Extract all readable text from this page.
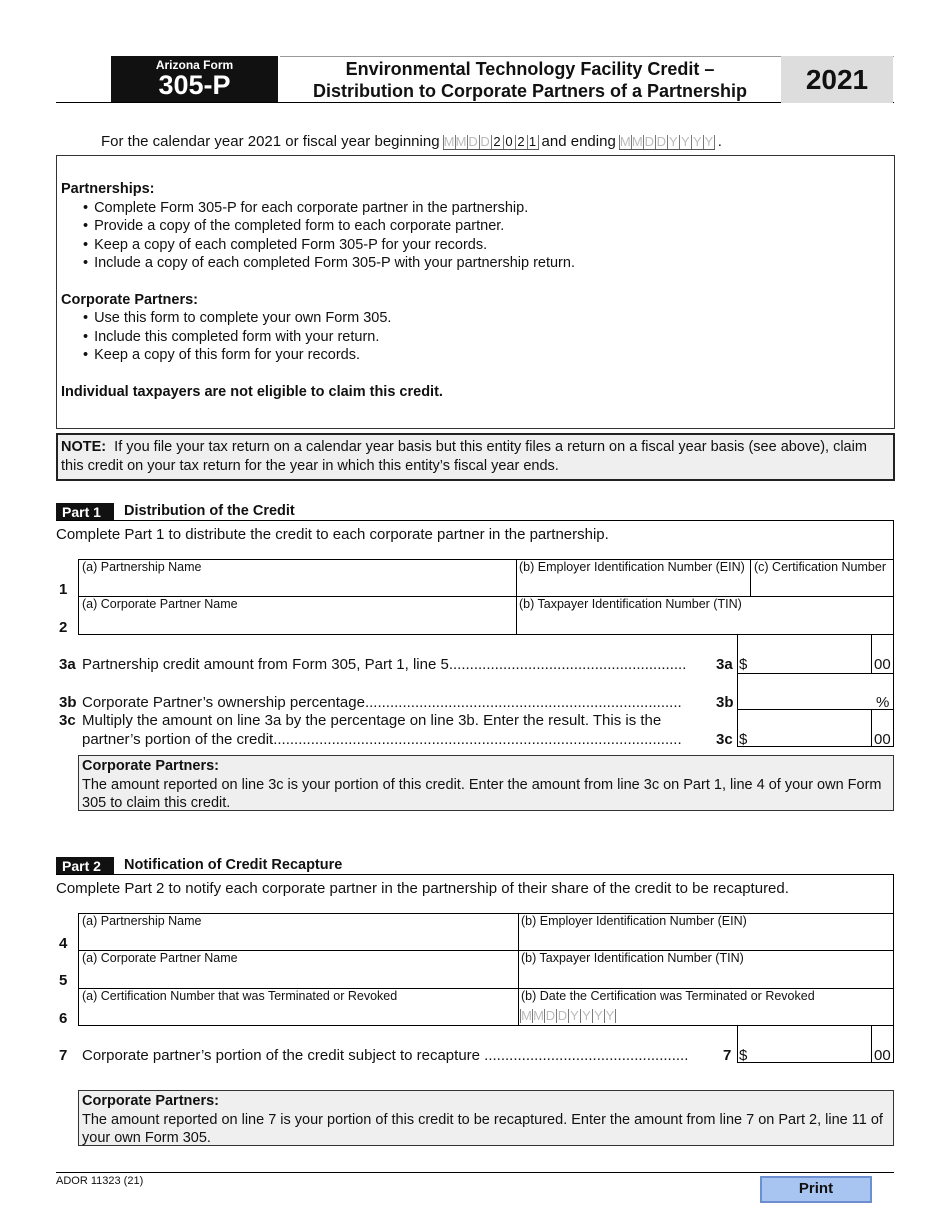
Arizona Form
305-P
Environmental Technology Facility Credit –
Distribution to Corporate Partners of a Partnership	2021
For the calendar year 2021 or fiscal year beginning M M D D 2 0 2 1 and ending M M D D Y Y Y Y .
Partnerships:
• Complete Form 305-P for each corporate partner in the partnership.
• Provide a copy of the completed form to each corporate partner.
• Keep a copy of each completed Form 305-P for your records.
• Include a copy of each completed Form 305-P with your partnership return.
Corporate Partners:
• Use this form to complete your own Form 305.
• Include this completed form with your return.
• Keep a copy of this form for your records.
Individual taxpayers are not eligible to claim this credit.
NOTE: If you file your tax return on a calendar year basis but this entity files a return on a fiscal year basis (see above), claim this credit on your tax return for the year in which this entity’s fiscal year ends.
Part 1	Distribution of the Credit
Complete Part 1 to distribute the credit to each corporate partner in the partnership.
1
(a) Partnership Name	(b) Employer Identification Number (EIN) (c) Certification Number
2
(a) Corporate Partner Name	(b) Taxpayer Identification Number (TIN)
3a Partnership credit amount from Form 305, Part 1, line 5......................................................... 3a $	00
3b Corporate Partner’s ownership percentage............................................................................ 3b	%
3c Multiply the amount on line 3a by the percentage on line 3b. Enter the result. This is the
partner’s portion of the credit.................................................................................................. 3c $	00
Corporate Partners:
The amount reported on line 3c is your portion of this credit. Enter the amount from line 3c on Part 1, line 4 of your own Form 305 to claim this credit.
Part 2	Notification of Credit Recapture
Complete Part 2 to notify each corporate partner in the partnership of their share of the credit to be recaptured.
4
(a) Partnership Name	(b) Employer Identification Number (EIN)
5
(a) Corporate Partner Name	(b) Taxpayer Identification Number (TIN)
6
(a) Certification Number that was Terminated or Revoked	(b) Date the Certification was Terminated or Revoked
M M D D Y Y Y Y
7 Corporate partner’s portion of the credit subject to recapture ................................................. 7 $	00
Corporate Partners:
The amount reported on line 7 is your portion of this credit to be recaptured. Enter the amount from line 7 on Part 2, line 11 of your own Form 305.
ADOR 11323 (21)	Print
